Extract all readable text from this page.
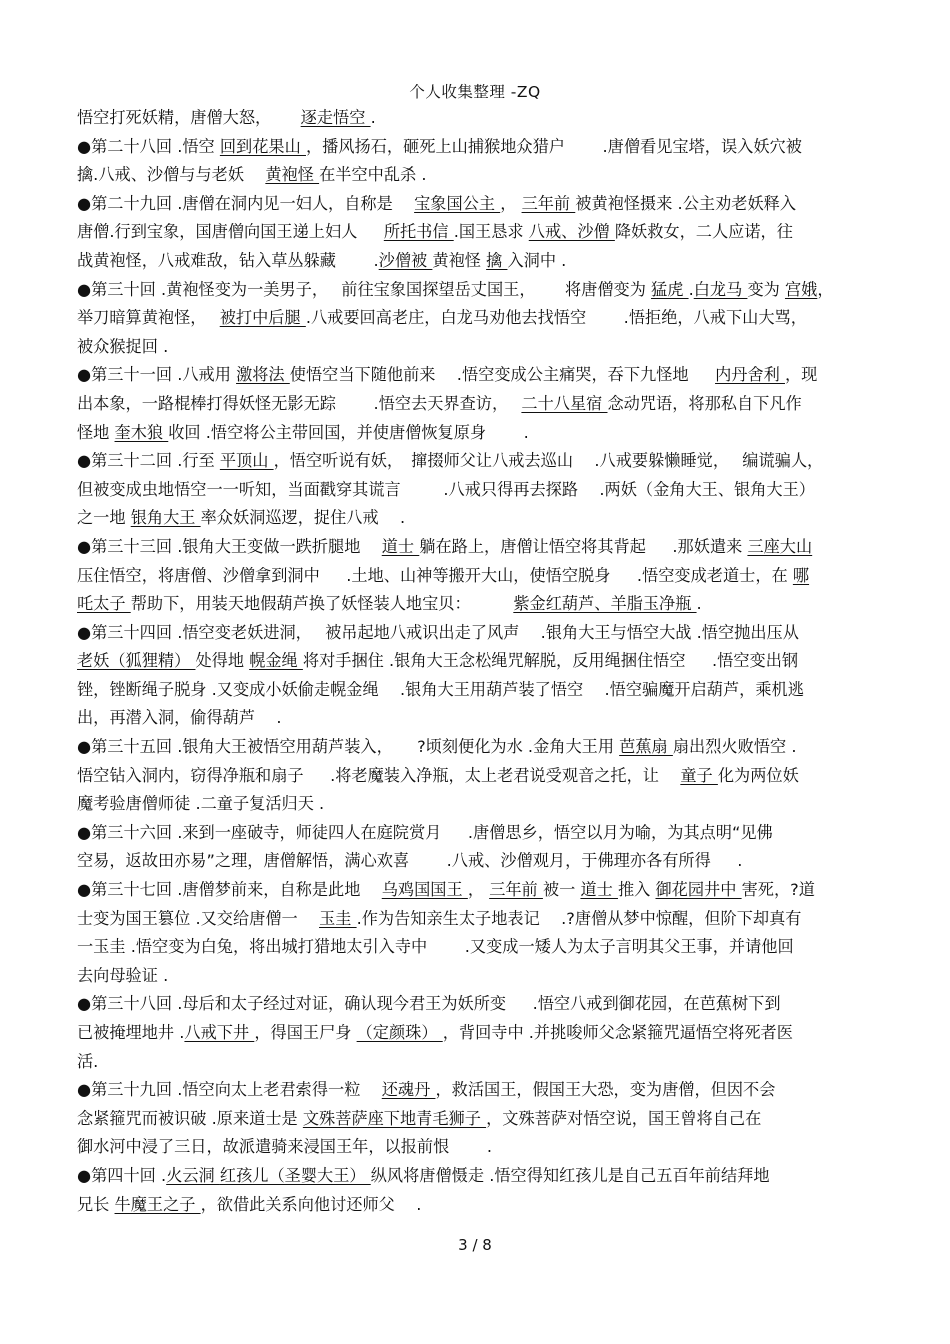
个人收集整理 -ZQ
悟空打死妖精，唐僧大怒，　　 逐走悟空 .
●第二十八回 .悟空 回到花果山 ，播风扬石，砸死上山捕猴地众猎户 　　.唐僧看见宝塔，误入妖穴被
擒.八戒、沙僧与与老妖 　黄袍怪 在半空中乱杀 .
●第二十九回 .唐僧在洞内见一妇人，自称是 　宝象国公主 ， 三年前 被黄袍怪摄来 .公主劝老妖释入
唐僧.行到宝象，国唐僧向国王递上妇人 　 所托书信 .国王恳求 八戒、沙僧 降妖救女，二人应诺，往
战黄袍怪，八戒难敌，钻入草丛躲藏 　　.沙僧被 黄袍怪 擒 入洞中 .
●第三十回 .黄袍怪变为一美男子，　 前往宝象国探望岳丈国王，　　 将唐僧变为 猛虎 .白龙马 变为 宫娥，
举刀暗算黄袍怪，　 被打中后腿 .八戒要回高老庄，白龙马劝他去找悟空 　　.悟拒绝，八戒下山大骂，
被众猴捉回 .
●第三十一回 .八戒用 激将法 使悟空当下随他前来 　.悟空变成公主痛哭，吞下九怪地 　 内丹舍利 ，现
出本象，一路棍棒打得妖怪无影无踪 　　.悟空去天界查访，　 二十八星宿 念动咒语，将那私自下凡作
怪地 奎木狼 收回 .悟空将公主带回国，并使唐僧恢复原身 　　.
●第三十二回 .行至 平顶山 ，悟空听说有妖，　撺掇师父让八戒去巡山 　.八戒要躲懒睡觉，　 编谎骗人，
但被变成虫地悟空一一听知，当面戳穿其谎言 　　 .八戒只得再去探路 　.两妖（金角大王、银角大王）
之一地 银角大王 率众妖洞巡逻，捉住八戒 　.
●第三十三回 .银角大王变做一跌折腿地 　道士 躺在路上，唐僧让悟空将其背起 　 .那妖遣来 三座大山
压住悟空，将唐僧、沙僧拿到洞中 　 .土地、山神等搬开大山，使悟空脱身 　 .悟空变成老道士，在 哪
吒太子 帮助下，用装天地假葫芦换了妖怪装人地宝贝： 　　 紫金红葫芦、羊脂玉净瓶 .
●第三十四回 .悟空变老妖进洞，　 被吊起地八戒识出走了风声 　.银角大王与悟空大战 .悟空抛出压从
老妖（狐狸精） 处得地 幌金绳 将对手捆住 .银角大王念松绳咒解脱，反用绳捆住悟空 　 .悟空变出钢
锉，锉断绳子脱身 .又变成小妖偷走幌金绳 　.银角大王用葫芦装了悟空 　.悟空骗魔开启葫芦，乘机逃
出，再潜入洞，偷得葫芦 　.
●第三十五回 .银角大王被悟空用葫芦装入，　　?顷刻便化为水 .金角大王用 芭蕉扇 扇出烈火败悟空 .
悟空钻入洞内，窃得净瓶和扇子 　 .将老魔装入净瓶，太上老君说受观音之托，让 　童子 化为两位妖
魔考验唐僧师徒 .二童子复活归天 .
●第三十六回 .来到一座破寺，师徒四人在庭院赏月 　 .唐僧思乡，悟空以月为喻，为其点明“见佛
空易，返故田亦易”之理，唐僧解悟，满心欢喜 　　.八戒、沙僧观月，于佛理亦各有所得 　 .
●第三十七回 .唐僧梦前来，自称是此地 　乌鸡国国王 ， 三年前 被一 道士 推入 御花园井中 害死，?道
士变为国王篡位 .又交给唐僧一 　玉圭 .作为告知亲生太子地表记 　.?唐僧从梦中惊醒，但阶下却真有
一玉圭 .悟空变为白兔，将出城打猎地太引入寺中 　　.又变成一矮人为太子言明其父王事，并请他回
去向母验证 .
●第三十八回 .母后和太子经过对证，确认现今君王为妖所变 　 .悟空八戒到御花园，在芭蕉树下到
已被掩埋地井 .八戒下井 ，得国王尸身 （定颜珠） ，背回寺中 .并挑唆师父念紧箍咒逼悟空将死者医
活.
●第三十九回 .悟空向太上老君索得一粒 　还魂丹 ，救活国王，假国王大恐，变为唐僧，但因不会
念紧箍咒而被识破 .原来道士是 文殊菩萨座下地青毛狮子 ，文殊菩萨对悟空说，国王曾将自己在
御水河中浸了三日，故派遣骑来浸国王年，以报前恨 　　.
●第四十回 .火云洞 红孩儿（圣婴大王） 纵风将唐僧慑走 .悟空得知红孩儿是自己五百年前结拜地
兄长 牛魔王之子 ，欲借此关系向他讨还师父 　.
3 / 8
